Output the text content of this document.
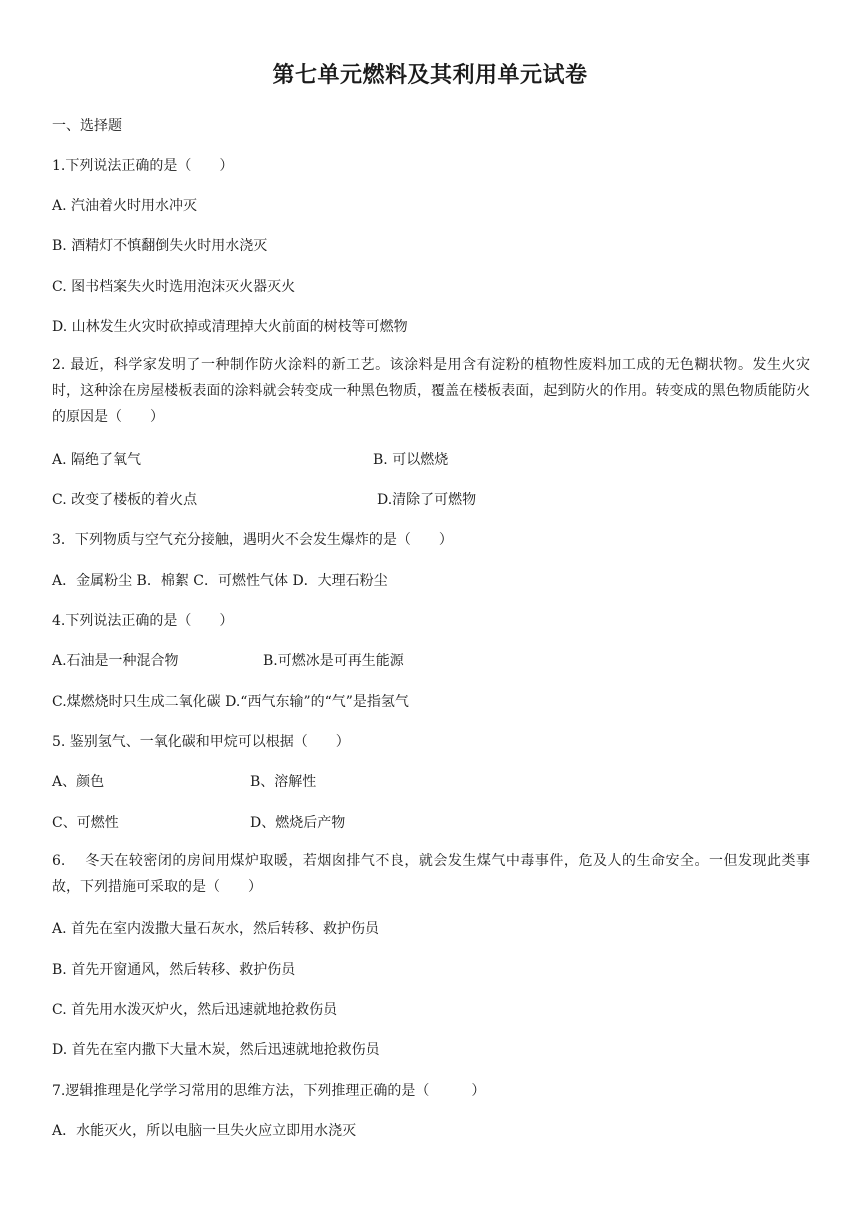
第七单元燃料及其利用单元试卷
一、选择题
1.下列说法正确的是（　　）
A. 汽油着火时用水冲灭
B. 酒精灯不慎翻倒失火时用水浇灭
C. 图书档案失火时选用泡沫灭火器灭火
D. 山林发生火灾时砍掉或清理掉大火前面的树枝等可燃物
2. 最近，科学家发明了一种制作防火涂料的新工艺。该涂料是用含有淀粉的植物性废料加工成的无色糊状物。发生火灾时，这种涂在房屋楼板表面的涂料就会转变成一种黑色物质，覆盖在楼板表面，起到防火的作用。转变成的黑色物质能防火的原因是（　　）
A. 隔绝了氧气	B. 可以燃烧
C. 改变了楼板的着火点	D.清除了可燃物
3．下列物质与空气充分接触，遇明火不会发生爆炸的是（　　）
A．金属粉尘 B．棉絮 C．可燃性气体 D．大理石粉尘
4.下列说法正确的是（　　）
A.石油是一种混合物	B.可燃冰是可再生能源
C.煤燃烧时只生成二氧化碳 D.“西气东输”的“气”是指氢气
5. 鉴别氢气、一氧化碳和甲烷可以根据（　　）
A、颜色	B、溶解性
C、可燃性	D、燃烧后产物
6.　 冬天在较密闭的房间用煤炉取暖，若烟囱排气不良，就会发生煤气中毒事件，危及人的生命安全。一但发现此类事故，下列措施可采取的是（　　）
A. 首先在室内泼撒大量石灰水，然后转移、救护伤员
B. 首先开窗通风，然后转移、救护伤员
C. 首先用水泼灭炉火，然后迅速就地抢救伤员
D. 首先在室内撒下大量木炭，然后迅速就地抢救伤员
7.逻辑推理是化学学习常用的思维方法，下列推理正确的是（　　　）
A．水能灭火，所以电脑一旦失火应立即用水浇灭
